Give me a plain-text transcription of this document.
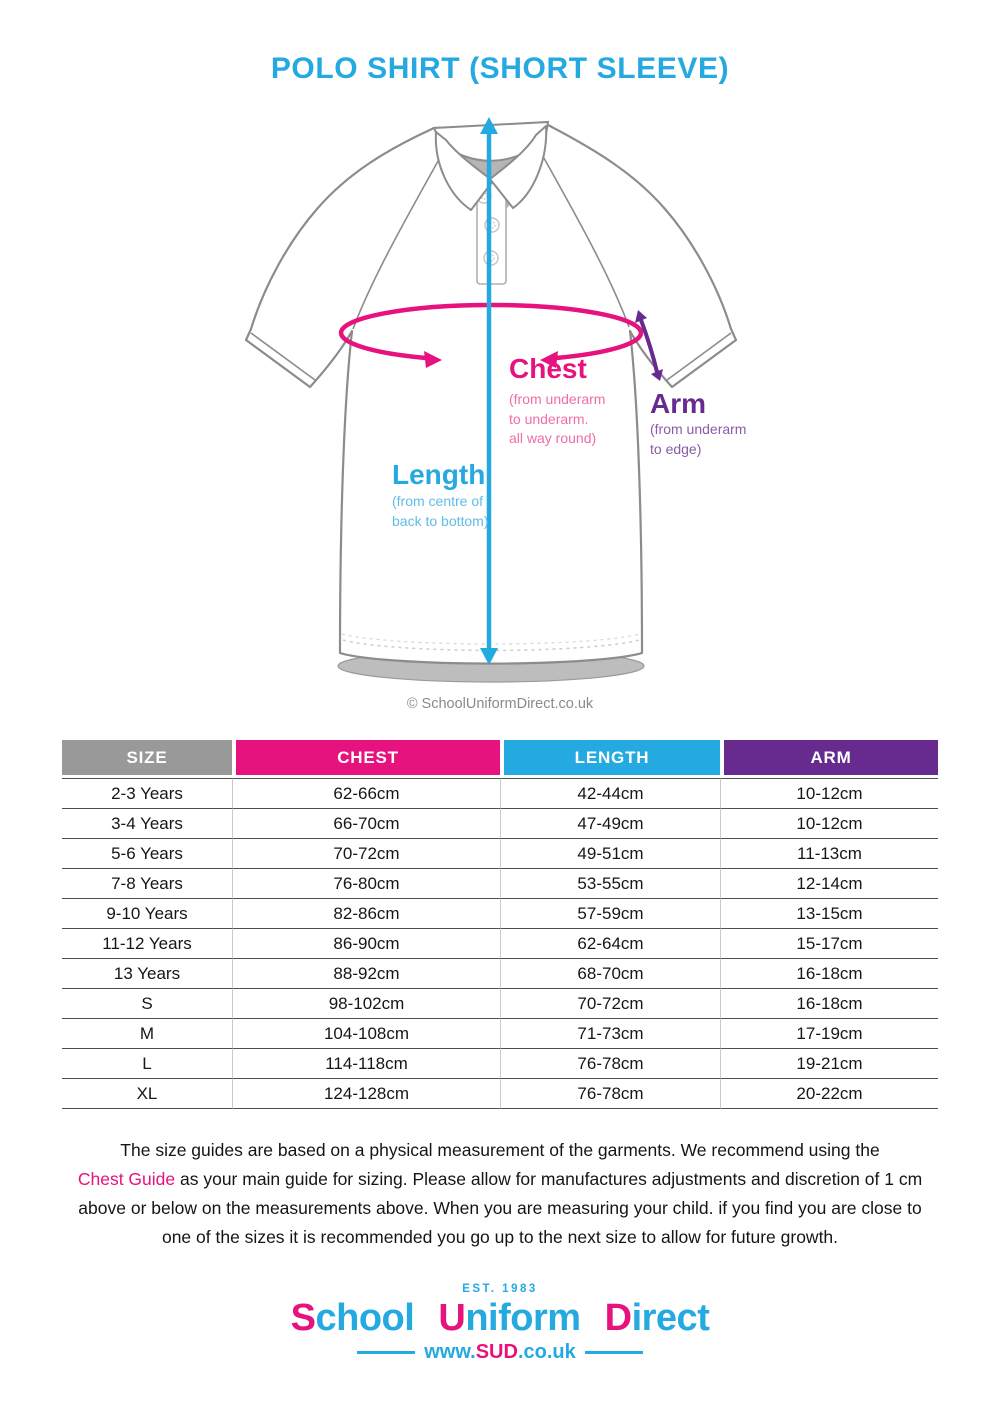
POLO SHIRT (SHORT SLEEVE)
Chest
(from underarm
to underarm.
all way round)
Arm
(from underarm
to edge)
Length
(from centre of
back to bottom)
© SchoolUniformDirect.co.uk
SIZE	CHEST	LENGTH	ARM
2-3 Years	62-66cm	42-44cm	10-12cm
3-4 Years	66-70cm	47-49cm	10-12cm
5-6 Years	70-72cm	49-51cm	11-13cm
7-8 Years	76-80cm	53-55cm	12-14cm
9-10 Years	82-86cm	57-59cm	13-15cm
11-12 Years	86-90cm	62-64cm	15-17cm
13 Years	88-92cm	68-70cm	16-18cm
S	98-102cm	70-72cm	16-18cm
M	104-108cm	71-73cm	17-19cm
L	114-118cm	76-78cm	19-21cm
XL	124-128cm	76-78cm	20-22cm
The size guides are based on a physical measurement of the garments. We recommend using the
Chest Guide as your main guide for sizing. Please allow for manufactures adjustments and discretion of 1 cm
above or below on the measurements above. When you are measuring your child. if you find you are close to
one of the sizes it is recommended you go up to the next size to allow for future growth.
EST. 1983
School Uniform Direct
www.SUD.co.uk
